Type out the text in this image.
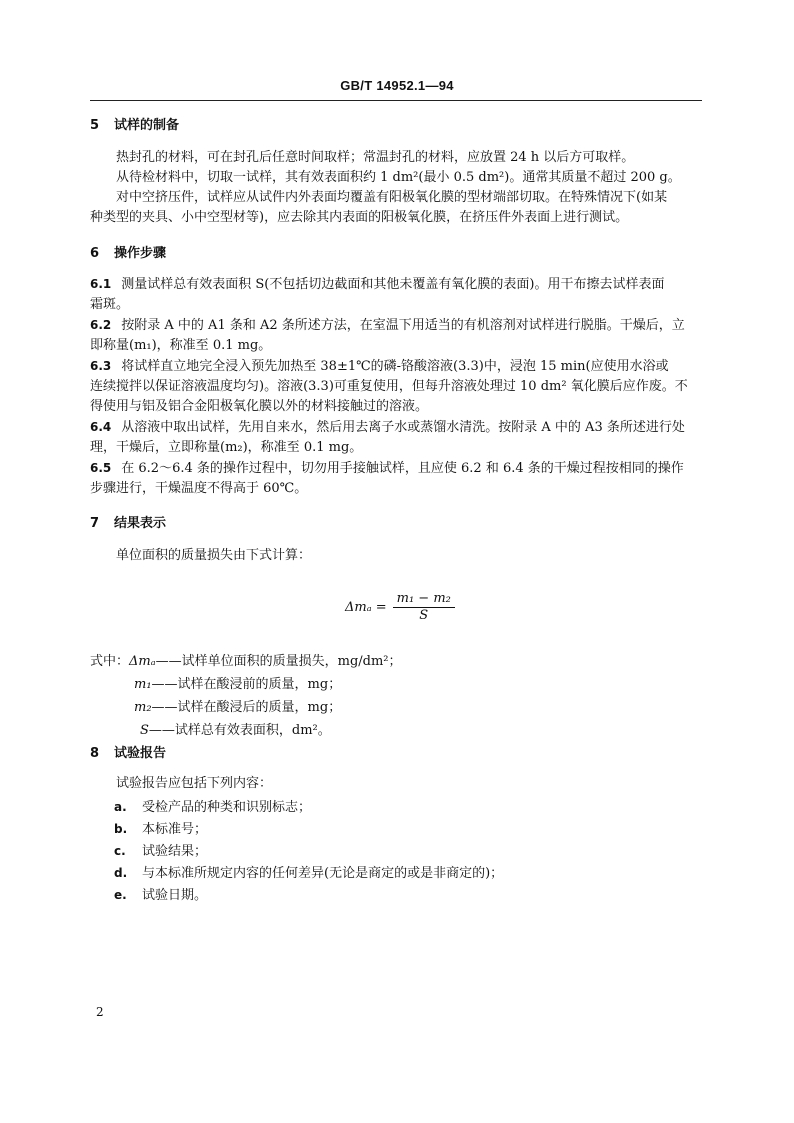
GB/T 14952.1—94

5 试样的制备

热封孔的材料，可在封孔后任意时间取样；常温封孔的材料，应放置 24 h 以后方可取样。

从待检材料中，切取一试样，其有效表面积约 1 dm²(最小 0.5 dm²)。通常其质量不超过 200 g。

对中空挤压件，试样应从试件内外表面均覆盖有阳极氧化膜的型材端部切取。在特殊情况下(如某

种类型的夹具、小中空型材等)，应去除其内表面的阳极氧化膜，在挤压件外表面上进行测试。

6 操作步骤

6.1 测量试样总有效表面积 S(不包括切边截面和其他未覆盖有氧化膜的表面)。用干布擦去试样表面

霜斑。

6.2 按附录 A 中的 A1 条和 A2 条所述方法，在室温下用适当的有机溶剂对试样进行脱脂。干燥后，立

即称量(m₁)，称准至 0.1 mg。

6.3 将试样直立地完全浸入预先加热至 38±1℃的磷-铬酸溶液(3.3)中，浸泡 15 min(应使用水浴或

连续搅拌以保证溶液温度均匀)。溶液(3.3)可重复使用，但每升溶液处理过 10 dm² 氧化膜后应作废。不

得使用与铝及铝合金阳极氧化膜以外的材料接触过的溶液。

6.4 从溶液中取出试样，先用自来水，然后用去离子水或蒸馏水清洗。按附录 A 中的 A3 条所述进行处

理，干燥后，立即称量(m₂)，称准至 0.1 mg。

6.5 在 6.2～6.4 条的操作过程中，切勿用手接触试样，且应使 6.2 和 6.4 条的干燥过程按相同的操作

步骤进行，干燥温度不得高于 60℃。

7 结果表示

单位面积的质量损失由下式计算：

$\Delta m_a = \frac{\text{m₁ − m₂}}{S}$
式中：Δmₐ——试样单位面积的质量损失，mg/dm²；
m₁——试样在酸浸前的质量，mg；
m₂——试样在酸浸后的质量，mg；
S——试样总有效表面积，dm²。

8 试验报告

试验报告应包括下列内容：

a. 受检产品的种类和识别标志；
b. 本标准号；
c. 试验结果；
d. 与本标准所规定内容的任何差异(无论是商定的或是非商定的)；
e. 试验日期。
2
